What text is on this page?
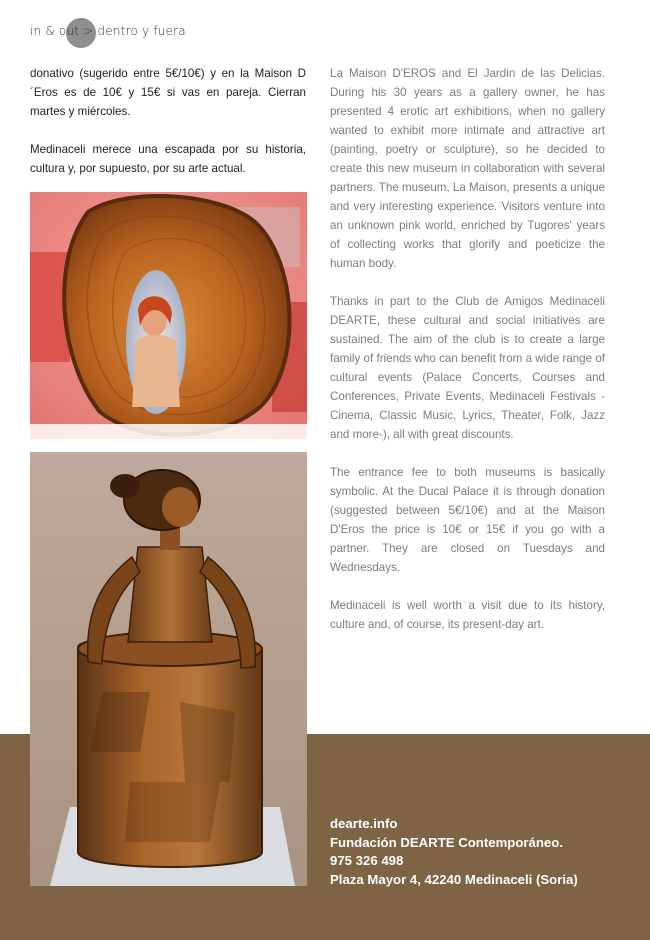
in & out > dentro y fuera

donativo (sugerido entre 5€/10€) y en la Maison D´Eros es de 10€ y 15€ si vas en pareja. Cierran martes y miércoles.

Medinaceli merece una escapada por su historia, cultura y, por supuesto, por su arte actual.

La Maison D'EROS and El Jardin de las Delicias. During his 30 years as a gallery owner, he has presented 4 erotic art exhibitions, when no gallery wanted to exhibit more intimate and attractive art (painting, poetry or sculpture), so he decided to create this new museum in collaboration with several partners. The museum, La Maison, presents a unique and very interesting experience. Visitors venture into an unknown pink world, enriched by Tugores' years of collecting works that glorify and poeticize the human body.

Thanks in part to the Club de Amigos Medinaceli DEARTE, these cultural and social initiatives are sustained. The aim of the club is to create a large family of friends who can benefit from a wide range of cultural events (Palace Concerts, Courses and Conferences, Private Events, Medinaceli Festivals -Cinema, Classic Music, Lyrics, Theater, Folk, Jazz and more-), all with great discounts.

The entrance fee to both museums is basically symbolic. At the Ducal Palace it is through donation (suggested between 5€/10€) and at the Maison D'Eros the price is 10€ or 15€ if you go with a partner. They are closed on Tuesdays and Wednesdays.

Medinaceli is well worth a visit due to its history, culture and, of course, its present-day art.

dearte.info
Fundación DEARTE Contemporáneo.
975 326 498
Plaza Mayor 4, 42240 Medinaceli (Soria)
